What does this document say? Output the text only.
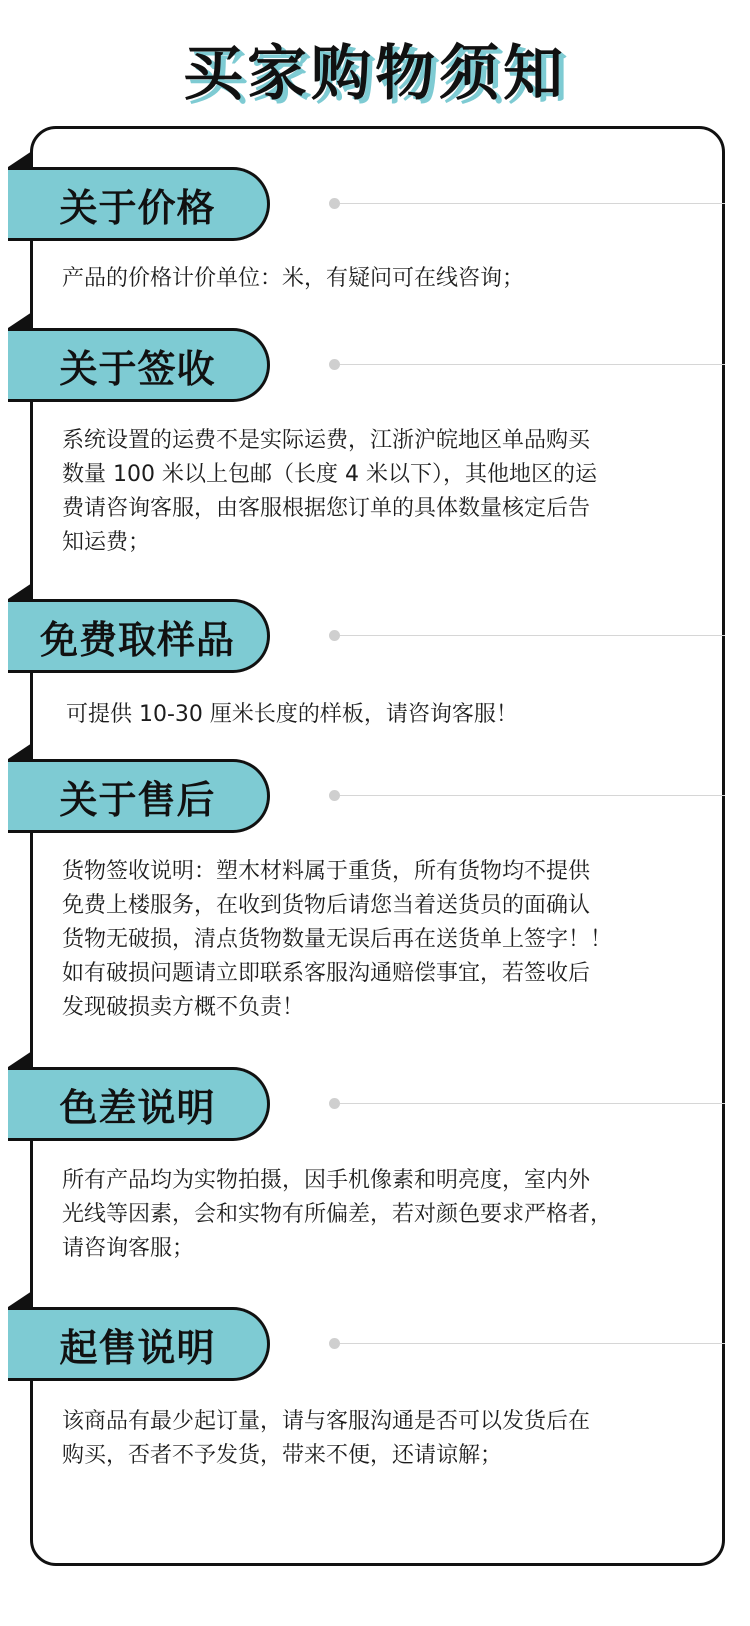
买家购物须知
关于价格
产品的价格计价单位：米，有疑问可在线咨询；
关于签收
系统设置的运费不是实际运费，江浙沪皖地区单品购买
数量 100 米以上包邮（长度 4 米以下），其他地区的运
费请咨询客服，由客服根据您订单的具体数量核定后告
知运费；
免费取样品
可提供 10-30 厘米长度的样板，请咨询客服！
关于售后
货物签收说明：塑木材料属于重货，所有货物均不提供
免费上楼服务，在收到货物后请您当着送货员的面确认
货物无破损，清点货物数量无误后再在送货单上签字！！
如有破损问题请立即联系客服沟通赔偿事宜，若签收后
发现破损卖方概不负责！
色差说明
所有产品均为实物拍摄，因手机像素和明亮度，室内外
光线等因素，会和实物有所偏差，若对颜色要求严格者，
请咨询客服；
起售说明
该商品有最少起订量，请与客服沟通是否可以发货后在
购买，否者不予发货，带来不便，还请谅解；
